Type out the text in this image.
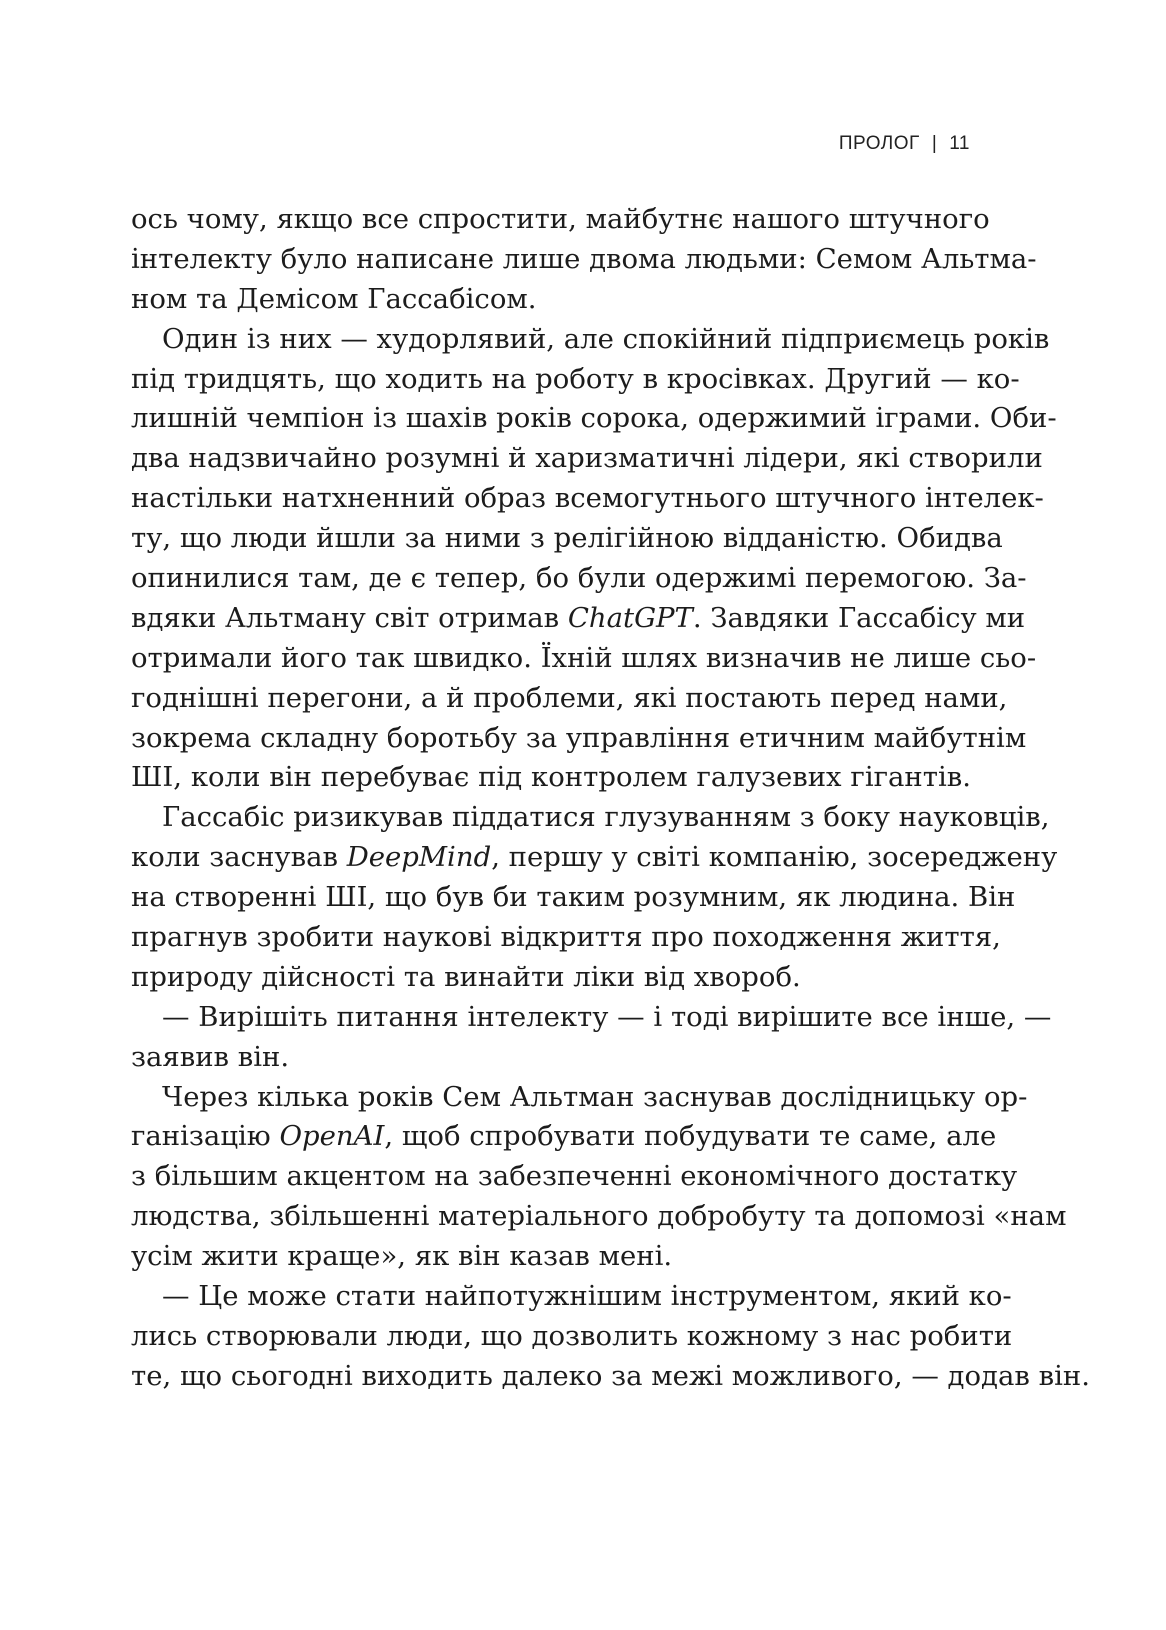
ПРОЛОГ | 11
ось чому, якщо все спростити, майбутнє нашого штучного
інтелекту було написане лише двома людьми: Семом Альтма-
ном та Демісом Гассабісом.
Один із них — худорлявий, але спокійний підприємець років
під тридцять, що ходить на роботу в кросівках. Другий — ко-
лишній чемпіон із шахів років сорока, одержимий іграми. Оби-
два надзвичайно розумні й харизматичні лідери, які створили
настільки натхненний образ всемогутнього штучного інтелек-
ту, що люди йшли за ними з релігійною відданістю. Обидва
опинилися там, де є тепер, бо були одержимі перемогою. За-
вдяки Альтману світ отримав ChatGPT. Завдяки Гассабісу ми
отримали його так швидко. Їхній шлях визначив не лише сьо-
годнішні перегони, а й проблеми, які постають перед нами,
зокрема складну боротьбу за управління етичним майбутнім
ШІ, коли він перебуває під контролем галузевих гігантів.
Гассабіс ризикував піддатися глузуванням з боку науковців,
коли заснував DeepMind, першу у світі компанію, зосереджену
на створенні ШІ, що був би таким розумним, як людина. Він
прагнув зробити наукові відкриття про походження життя,
природу дійсності та винайти ліки від хвороб.
— Вирішіть питання інтелекту — і тоді вирішите все інше, —
заявив він.
Через кілька років Сем Альтман заснував дослідницьку ор-
ганізацію OpenAI, щоб спробувати побудувати те саме, але
з більшим акцентом на забезпеченні економічного достатку
людства, збільшенні матеріального добробуту та допомозі «нам
усім жити краще», як він казав мені.
— Це може стати найпотужнішим інструментом, який ко-
лись створювали люди, що дозволить кожному з нас робити
те, що сьогодні виходить далеко за межі можливого, — додав він.
